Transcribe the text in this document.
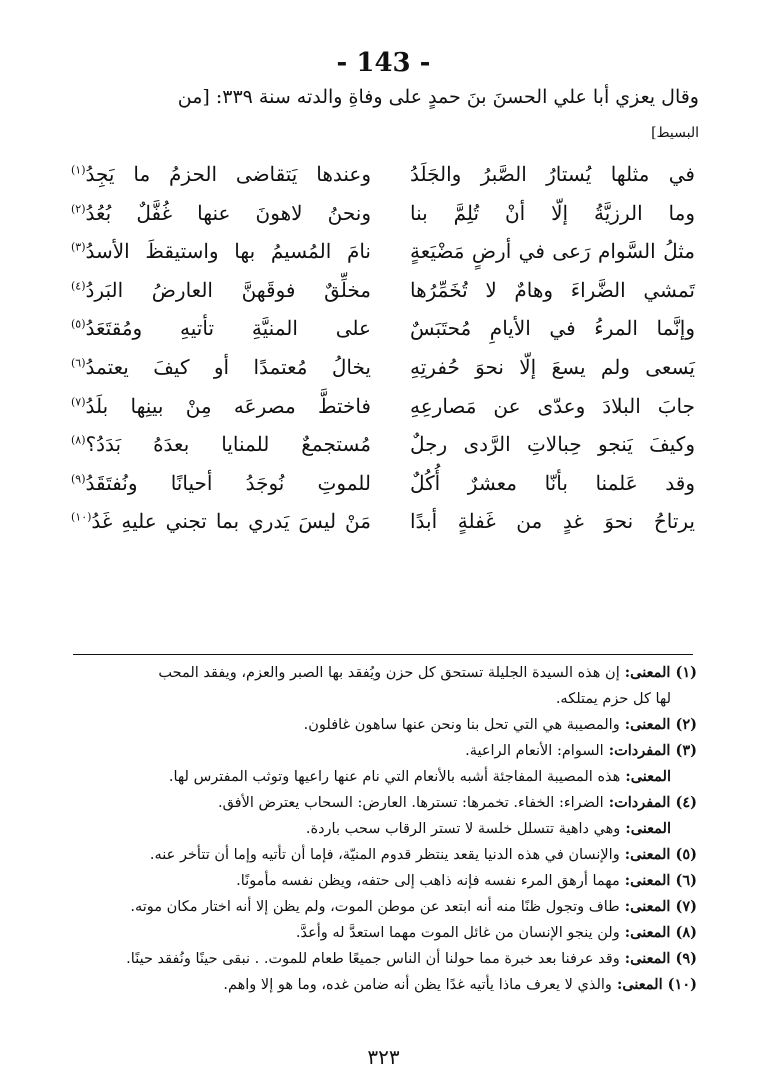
- 143 -
وقال يعزي أبا علي الحسنَ بنَ حمدٍ على وفاةِ والدته سنة ٣٣٩: [من
البسيط]
في مثلها يُستارُ الصَّبرُ والجَلَدُ
وعندها يَتقاضى الحزمُ ما يَجِدُ$^{(١)}$
وما الرزيَّةُ إلّا أنْ تُلِمَّ بنا
ونحنُ لاهونَ عنها غُفَّلٌ بُعُدُ$^{(٢)}$
مثلُ السَّوام رَعى في أرضٍ مَضْيَعةٍ
نامَ المُسيمُ بها واستيقظَ الأسدُ$^{(٣)}$
تَمشي الضَّراءَ وهامٌ لا تُخَمِّرُها
مخلِّقٌ فوقَهنَّ العارضُ البَردُ$^{(٤)}$
وإنَّما المرءُ في الأيامِ مُحتَبَسٌ
على المنيَّةِ تأتيهِ ومُقتَعَدُ$^{(٥)}$
يَسعى ولم يسعَ إلّا نحوَ حُفرتِهِ
يخالُ مُعتمدًا أو كيفَ يعتمدُ$^{(٦)}$
جابَ البلادَ وعدّى عن مَصارعِهِ
فاختطَّ مصرعَه مِنْ بينِها بلَدُ$^{(٧)}$
وكيفَ يَنجو حِبالاتِ الرَّدى رجلٌ
مُستجمعٌ للمنايا بعدَهُ بَدَدُ؟$^{(٨)}$
وقد عَلمنا بأنّا معشرٌ أُكُلٌ
للموتِ نُوجَدُ أحيانًا ونُفتَقَدُ$^{(٩)}$
يرتاحُ نحوَ غدٍ من غَفلةٍ أبدًا
مَنْ ليسَ يَدري بما تجني عليهِ غَدُ$^{(١٠)}$
(١) المعنى: إن هذه السيدة الجليلة تستحق كل حزن ويُفقد بها الصبر والعزم، ويفقد المحب
لها كل حزم يمتلكه.
(٢) المعنى: والمصيبة هي التي تحل بنا ونحن عنها ساهون غافلون.
(٣) المفردات: السوام: الأنعام الراعية.
المعنى: هذه المصيبة المفاجئة أشبه بالأنعام التي نام عنها راعيها وتوثب المفترس لها.
(٤) المفردات: الضراء: الخفاء. تخمرها: تسترها. العارض: السحاب يعترض الأفق.
المعنى: وهي داهية تتسلل خلسة لا تستر الرقاب سحب باردة.
(٥) المعنى: والإنسان في هذه الدنيا يقعد ينتظر قدوم المنيّة، فإما أن تأتيه وإما أن تتأخر عنه.
(٦) المعنى: مهما أرهق المرء نفسه فإنه ذاهب إلى حتفه، ويظن نفسه مأمونًا.
(٧) المعنى: طاف وتجول ظنًا منه أنه ابتعد عن موطن الموت، ولم يظن إلا أنه اختار مكان موته.
(٨) المعنى: ولن ينجو الإنسان من غائل الموت مهما استعدَّ له وأعدَّ.
(٩) المعنى: وقد عرفنا بعد خبرة مما حولنا أن الناس جميعًا طعام للموت. . نبقى حينًا ونُفقد حينًا.
(١٠) المعنى: والذي لا يعرف ماذا يأتيه غدًا يظن أنه ضامن غده، وما هو إلا واهم.
٣٢٣
